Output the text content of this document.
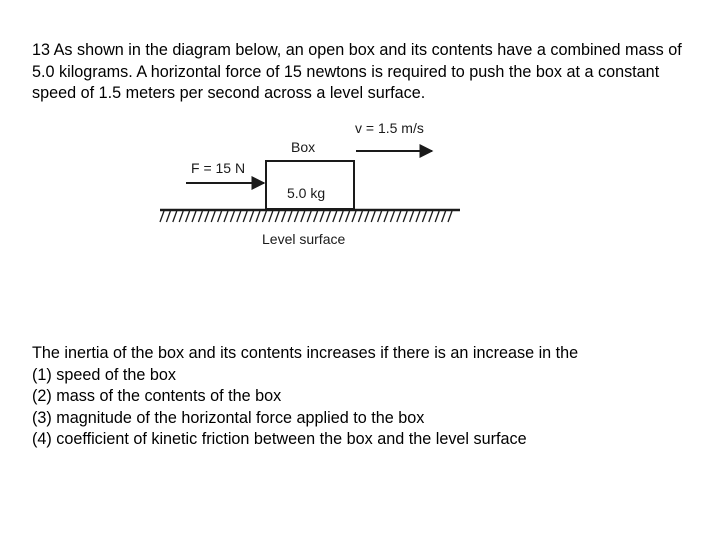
13 As shown in the diagram below, an open box and its contents have a combined mass of 5.0 kilograms. A horizontal force of 15 newtons is required to push the box at a constant speed of 1.5 meters per second across a level surface.

v = 1.5 m/s
Box
5.0 kg
F = 15 N
Level surface
The inertia of the box and its contents increases if there is an increase in the
(1) speed of the box
(2) mass of the contents of the box
(3) magnitude of the horizontal force applied to the box
(4) coefficient of kinetic friction between the box and the level surface
